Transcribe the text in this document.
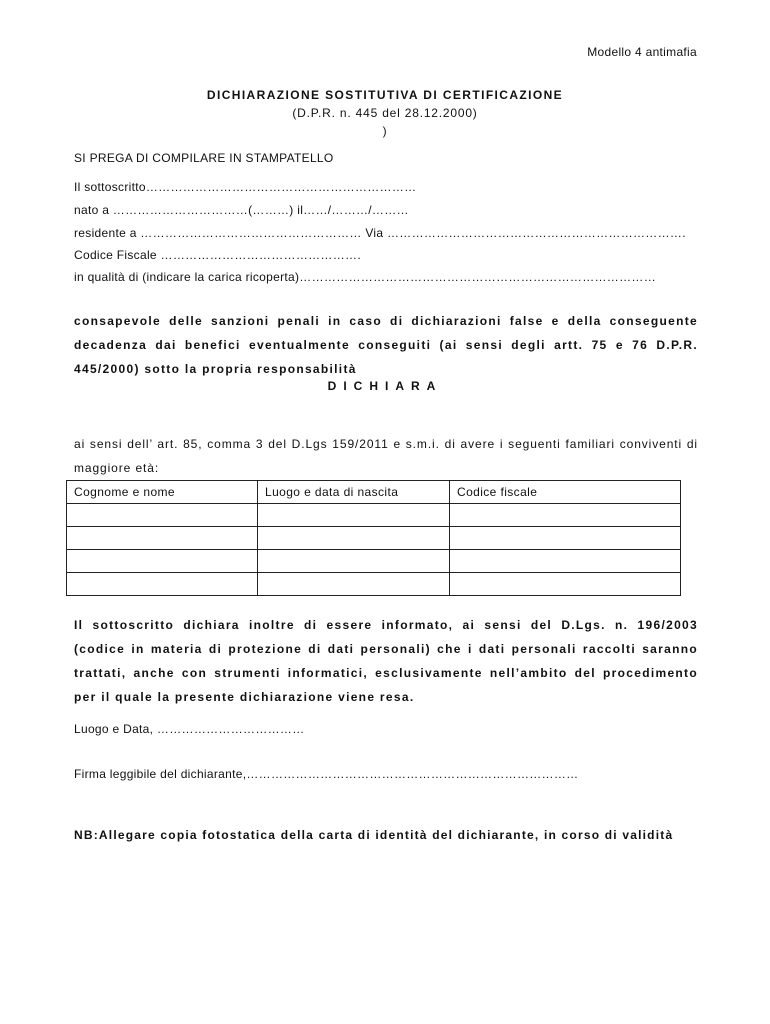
Modello 4 antimafia
DICHIARAZIONE SOSTITUTIVA DI CERTIFICAZIONE
(D.P.R. n. 445 del 28.12.2000)
)
SI PREGA DI COMPILARE IN STAMPATELLO
Il sottoscritto…………………………………………………………
nato a ……………………………(………) il……/………/………
residente a ……………………………………………… Via ……………………………………………………………….
Codice Fiscale ………………………………………….
in qualità di (indicare la carica ricoperta)……………………………………………………………………………
consapevole delle sanzioni penali in caso di dichiarazioni false e della conseguente decadenza dai benefici eventualmente conseguiti (ai sensi degli artt. 75 e 76 D.P.R. 445/2000) sotto la propria responsabilità
DICHIARA
ai sensi dell’ art. 85, comma 3 del D.Lgs 159/2011 e s.m.i. di avere i seguenti familiari conviventi di maggiore età:
Cognome e nome	Luogo e data di nascita	Codice fiscale

Il sottoscritto dichiara inoltre di essere informato, ai sensi del D.Lgs. n. 196/2003 (codice in materia di protezione di dati personali) che i dati personali raccolti saranno trattati, anche con strumenti informatici, esclusivamente nell’ambito del procedimento per il quale la presente dichiarazione viene resa.
Luogo e Data, ………………………………
Firma leggibile del dichiarante,………………………………………………………………………
NB:Allegare copia fotostatica della carta di identità del dichiarante, in corso di validità
